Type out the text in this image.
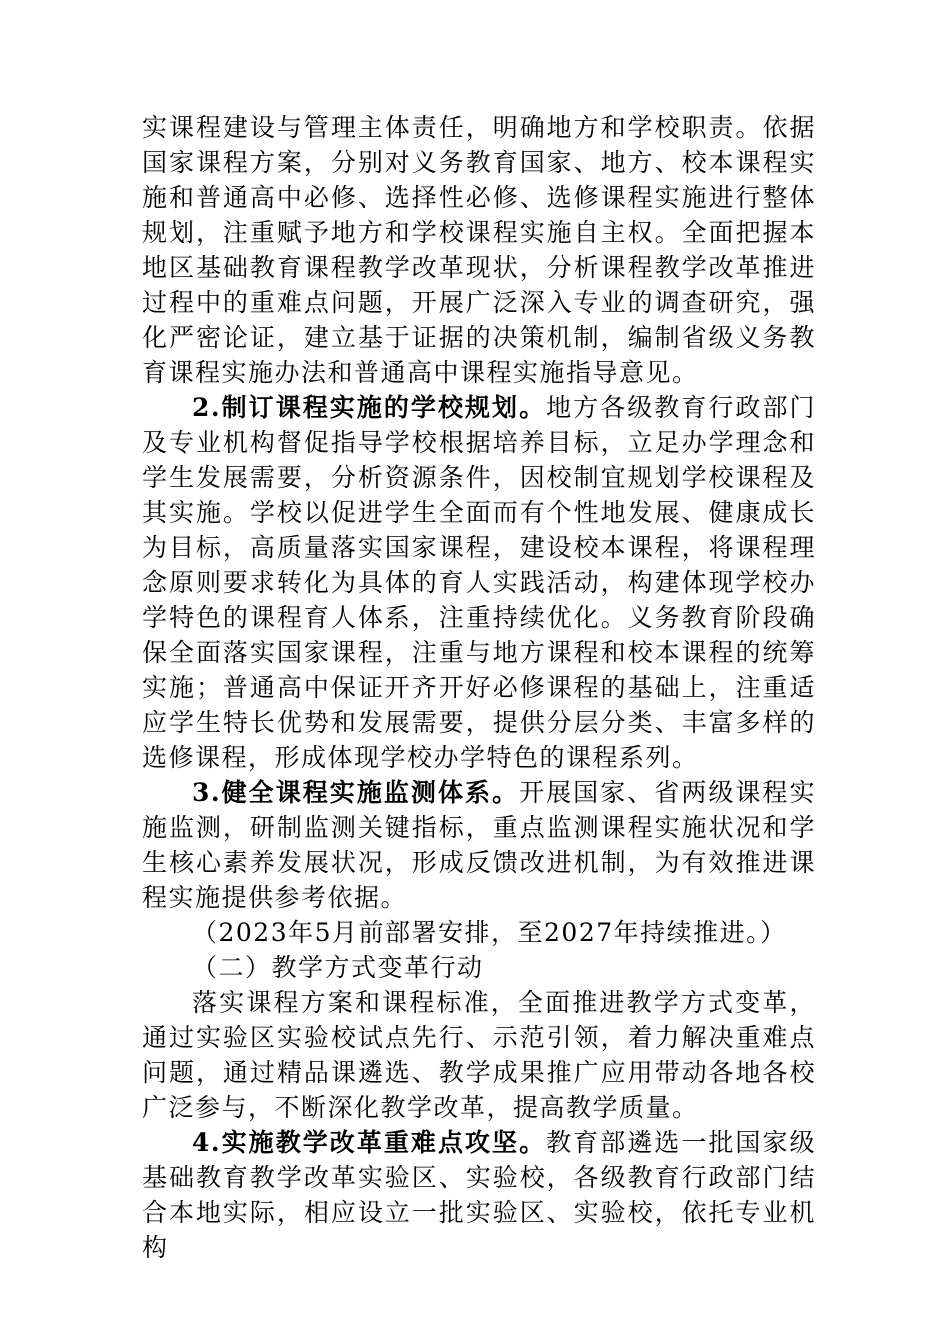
实课程建设与管理主体责任，明确地方和学校职责。依据国家课程方案，分别对义务教育国家、地方、校本课程实施和普通高中必修、选择性必修、选修课程实施进行整体规划，注重赋予地方和学校课程实施自主权。全面把握本地区基础教育课程教学改革现状，分析课程教学改革推进过程中的重难点问题，开展广泛深入专业的调查研究，强化严密论证，建立基于证据的决策机制，编制省级义务教育课程实施办法和普通高中课程实施指导意见。

2.制订课程实施的学校规划。地方各级教育行政部门及专业机构督促指导学校根据培养目标，立足办学理念和学生发展需要，分析资源条件，因校制宜规划学校课程及其实施。学校以促进学生全面而有个性地发展、健康成长为目标，高质量落实国家课程，建设校本课程，将课程理念原则要求转化为具体的育人实践活动，构建体现学校办学特色的课程育人体系，注重持续优化。义务教育阶段确保全面落实国家课程，注重与地方课程和校本课程的统筹实施；普通高中保证开齐开好必修课程的基础上，注重适应学生特长优势和发展需要，提供分层分类、丰富多样的选修课程，形成体现学校办学特色的课程系列。

3.健全课程实施监测体系。开展国家、省两级课程实施监测，研制监测关键指标，重点监测课程实施状况和学生核心素养发展状况，形成反馈改进机制，为有效推进课程实施提供参考依据。

（2023年5月前部署安排，至2027年持续推进。）

（二）教学方式变革行动

落实课程方案和课程标准，全面推进教学方式变革，通过实验区实验校试点先行、示范引领，着力解决重难点问题，通过精品课遴选、教学成果推广应用带动各地各校广泛参与，不断深化教学改革，提高教学质量。

4.实施教学改革重难点攻坚。教育部遴选一批国家级基础教育教学改革实验区、实验校，各级教育行政部门结合本地实际，相应设立一批实验区、实验校，依托专业机构
